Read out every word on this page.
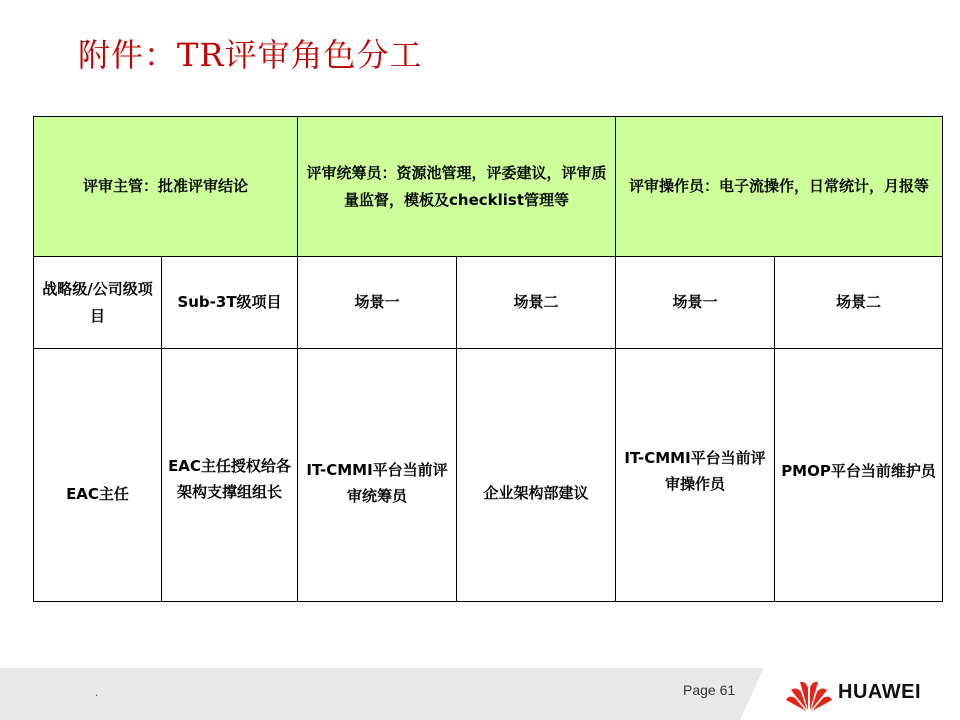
附件：TR评审角色分工
评审主管：批准评审结论		评审统筹员：资源池管理，评委建议，评审质量监督，模板及checklist管理等		评审操作员：电子流操作，日常统计，月报等	
战略级/公司级项目	Sub-3T级项目	场景一	场景二	场景一	场景二
EAC主任	EAC主任授权给各架构支撑组组长	IT-CMMI平台当前评审统筹员	企业架构部建议	IT-CMMI平台当前评审操作员	PMOP平台当前维护员
.	Page 61	HUAWEI
